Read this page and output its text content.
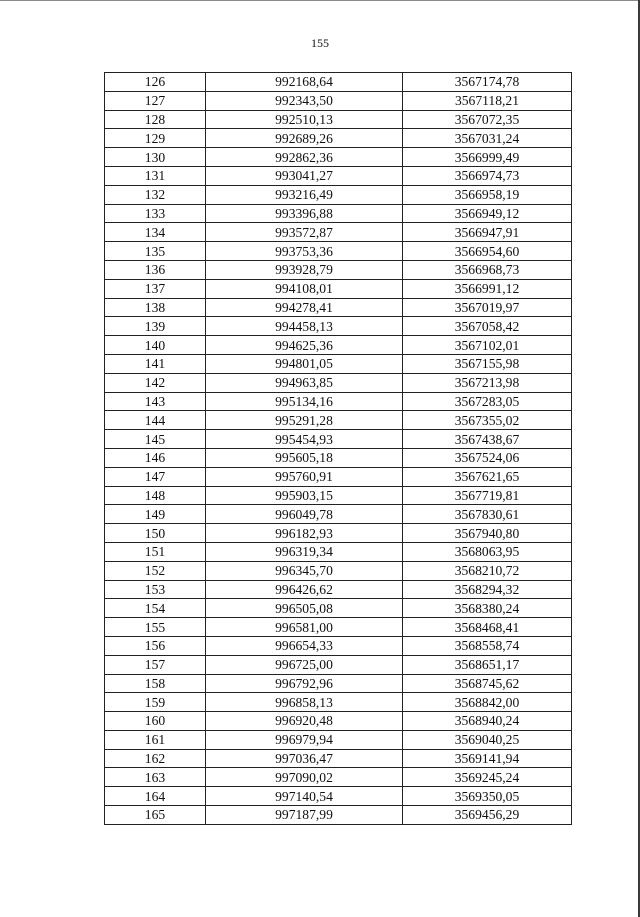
155
126	992168,64	3567174,78
127	992343,50	3567118,21
128	992510,13	3567072,35
129	992689,26	3567031,24
130	992862,36	3566999,49
131	993041,27	3566974,73
132	993216,49	3566958,19
133	993396,88	3566949,12
134	993572,87	3566947,91
135	993753,36	3566954,60
136	993928,79	3566968,73
137	994108,01	3566991,12
138	994278,41	3567019,97
139	994458,13	3567058,42
140	994625,36	3567102,01
141	994801,05	3567155,98
142	994963,85	3567213,98
143	995134,16	3567283,05
144	995291,28	3567355,02
145	995454,93	3567438,67
146	995605,18	3567524,06
147	995760,91	3567621,65
148	995903,15	3567719,81
149	996049,78	3567830,61
150	996182,93	3567940,80
151	996319,34	3568063,95
152	996345,70	3568210,72
153	996426,62	3568294,32
154	996505,08	3568380,24
155	996581,00	3568468,41
156	996654,33	3568558,74
157	996725,00	3568651,17
158	996792,96	3568745,62
159	996858,13	3568842,00
160	996920,48	3568940,24
161	996979,94	3569040,25
162	997036,47	3569141,94
163	997090,02	3569245,24
164	997140,54	3569350,05
165	997187,99	3569456,29
